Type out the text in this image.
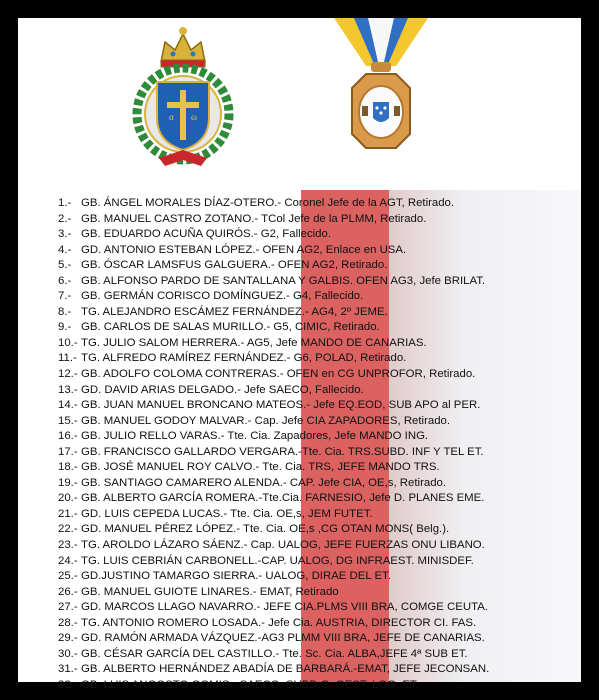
α ω
1.- GB. ÁNGEL MORALES DÍAZ-OTERO.- Coronel Jefe de la AGT, Retirado.
2.- GB. MANUEL CASTRO ZOTANO.- TCol Jefe de la PLMM, Retirado.
3.- GB. EDUARDO ACUÑA QUIRÓS.- G2, Fallecido.
4.- GD. ANTONIO ESTEBAN LÓPEZ.- OFEN AG2, Enlace en USA.
5.- GB. ÓSCAR LAMSFUS GALGUERA.- OFEN AG2, Retirado.
6.- GB. ALFONSO PARDO DE SANTALLANA Y GALBIS. OFEN AG3, Jefe BRILAT.
7.- GB. GERMÁN CORISCO DOMÍNGUEZ.- G4, Fallecido.
8.- TG. ALEJANDRO ESCÁMEZ FERNÁNDEZ.- AG4, 2º JEME.
9.- GB. CARLOS DE SALAS MURILLO.- G5, CIMIC, Retirado.
10.- TG. JULIO SALOM HERRERA.- AG5, Jefe MANDO DE CANARIAS.
11.- TG. ALFREDO RAMÍREZ FERNÁNDEZ.- G6, POLAD, Retirado.
12.- GB. ADOLFO COLOMA CONTRERAS.- OFEN en CG UNPROFOR, Retirado.
13.- GD. DAVID ARIAS DELGADO.- Jefe SAECO, Fallecido.
14.- GB. JUAN MANUEL BRONCANO MATEOS.- Jefe EQ.EOD, SUB APO al PER.
15.- GB. MANUEL GODOY MALVAR.- Cap. Jefe CIA ZAPADORES, Retirado.
16.- GB. JULIO RELLO VARAS.- Tte. Cia. Zapadores, Jefe MANDO ING.
17.- GB. FRANCISCO GALLARDO VERGARA.-Tte. Cia. TRS.SUBD. INF Y TEL ET.
18.- GB. JOSÉ MANUEL ROY CALVO.- Tte. Cia. TRS, JEFE MANDO TRS.
19.- GB. SANTIAGO CAMARERO ALENDA.- CAP. Jefe CIA, OE,s, Retirado.
20.- GB. ALBERTO GARCÍA ROMERA.-Tte.Cia. FARNESIO, Jefe D. PLANES EME.
21.- GD. LUIS CEPEDA LUCAS.- Tte. Cia. OE,s, JEM FUTET.
22.- GD. MANUEL PÉREZ LÓPEZ.- Tte. Cia. OE,s ,CG OTAN MONS( Belg.).
23.- TG. AROLDO LÁZARO SÁENZ.- Cap. UALOG, JEFE FUERZAS ONU LIBANO.
24.- TG. LUIS CEBRIÁN CARBONELL.-CAP. UALOG, DG INFRAEST. MINISDEF.
25.- GD.JUSTINO TAMARGO SIERRA.- UALOG, DIRAE DEL ET.
26.- GB. MANUEL GUIOTE LINARES.- EMAT, Retirado
27.- GD. MARCOS LLAGO NAVARRO.- JEFE CIA.PLMS VIII BRA, COMGE CEUTA.
28.- TG. ANTONIO ROMERO LOSADA.- Jefe Cia. AUSTRIA, DIRECTOR CI. FAS.
29.- GD. RAMÓN ARMADA VÁZQUEZ.-AG3 PLMM VIII BRA, JEFE DE CANARIAS.
30.- GB. CÉSAR GARCÍA DEL CASTILLO.- Tte. Sc. Cia. ALBA,JEFE 4ª SUB ET.
31.- GB. ALBERTO HERNÁNDEZ ABADÍA DE BARBARÁ.-EMAT, JEFE JECONSAN.
32.- GB. LUIS ANGOSTO GOMIS.- SAECO, SUBD.G. GEST. LOG. ET.
